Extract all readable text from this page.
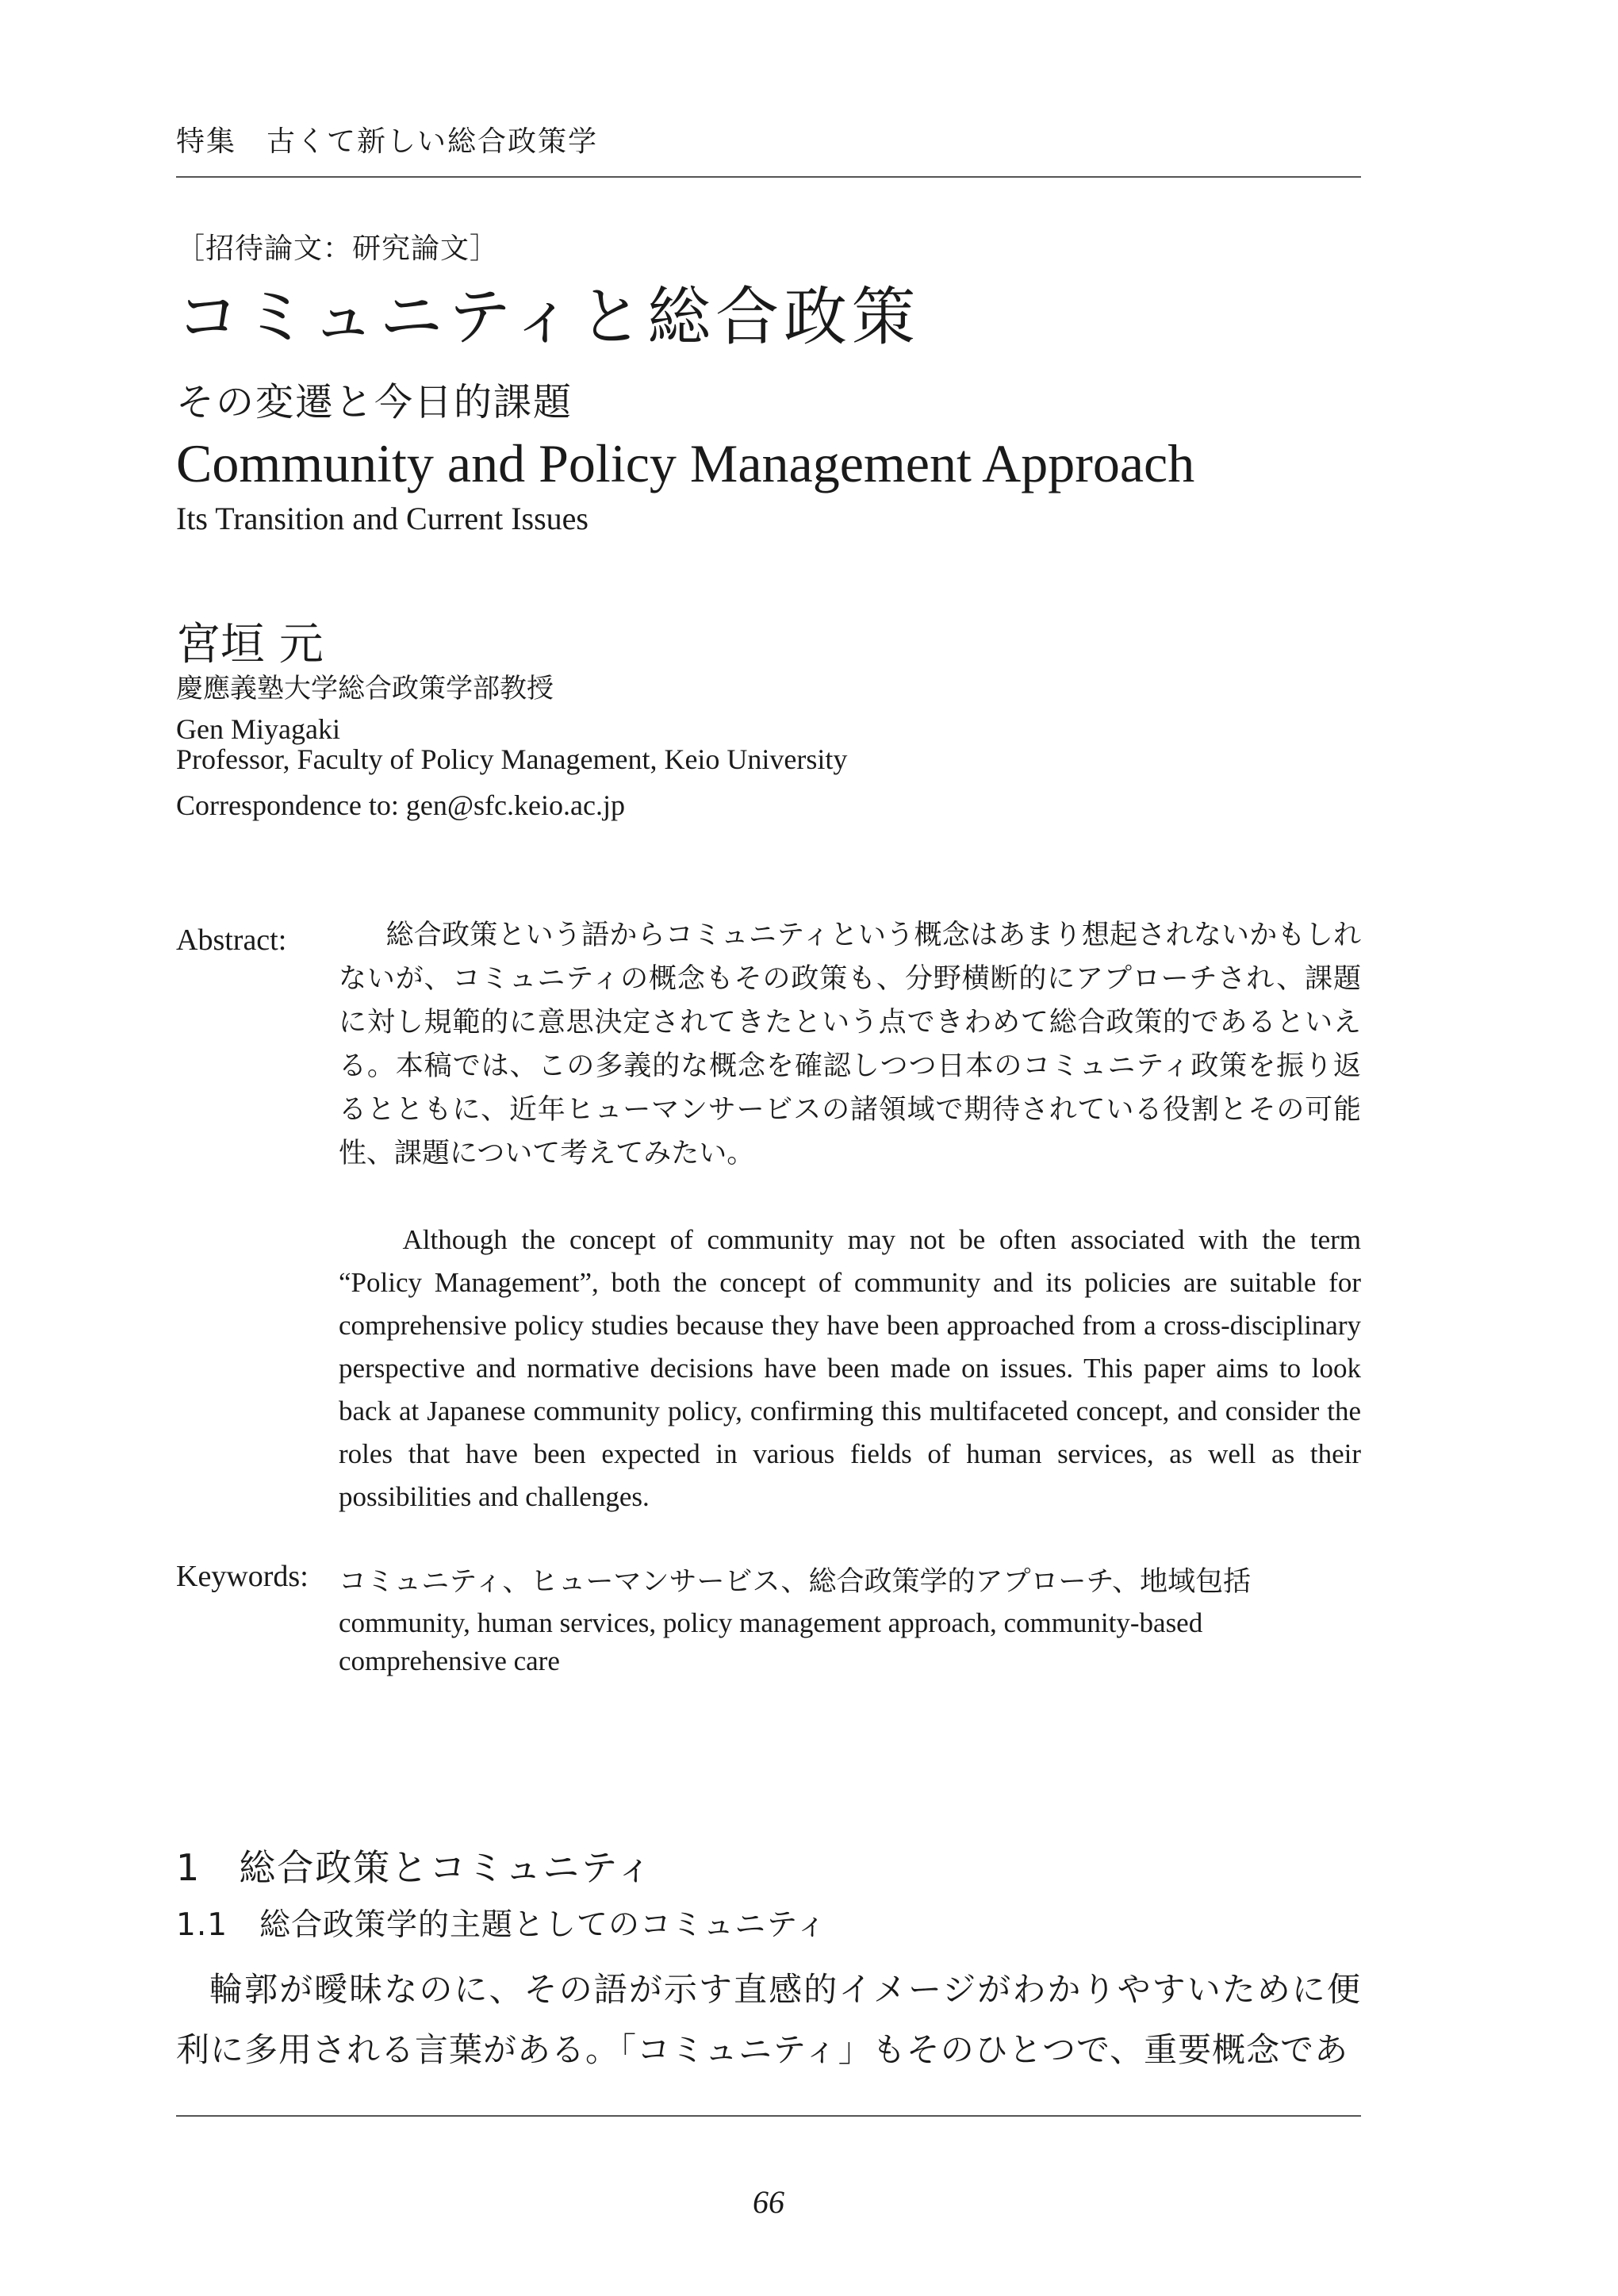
特集　古くて新しい総合政策学
［招待論文：研究論文］
コミュニティと総合政策
その変遷と今日的課題
Community and Policy Management Approach
Its Transition and Current Issues
宮垣 元
慶應義塾大学総合政策学部教授
Gen Miyagaki
Professor, Faculty of Policy Management, Keio University
Correspondence to: gen@sfc.keio.ac.jp
Abstract:	総合政策という語からコミュニティという概念はあまり想起されないかもしれないが、コミュニティの概念もその政策も、分野横断的にアプローチされ、課題に対し規範的に意思決定されてきたという点できわめて総合政策的であるといえる。本稿では、この多義的な概念を確認しつつ日本のコミュニティ政策を振り返るとともに、近年ヒューマンサービスの諸領域で期待されている役割とその可能性、課題について考えてみたい。

Although the concept of community may not be often associated with the term “Policy Management”, both the concept of community and its policies are suitable for comprehensive policy studies because they have been approached from a cross-disciplinary perspective and normative decisions have been made on issues. This paper aims to look back at Japanese community policy, confirming this multifaceted concept, and consider the roles that have been expected in various fields of human services, as well as their possibilities and challenges.

Keywords: コミュニティ、ヒューマンサービス、総合政策学的アプローチ、地域包括

community, human services, policy management approach, community-based comprehensive care

1　総合政策とコミュニティ
1.1　総合政策学的主題としてのコミュニティ

輪郭が曖昧なのに、その語が示す直感的イメージがわかりやすいために便利に多用される言葉がある。「コミュニティ」もそのひとつで、重要概念であ

66
